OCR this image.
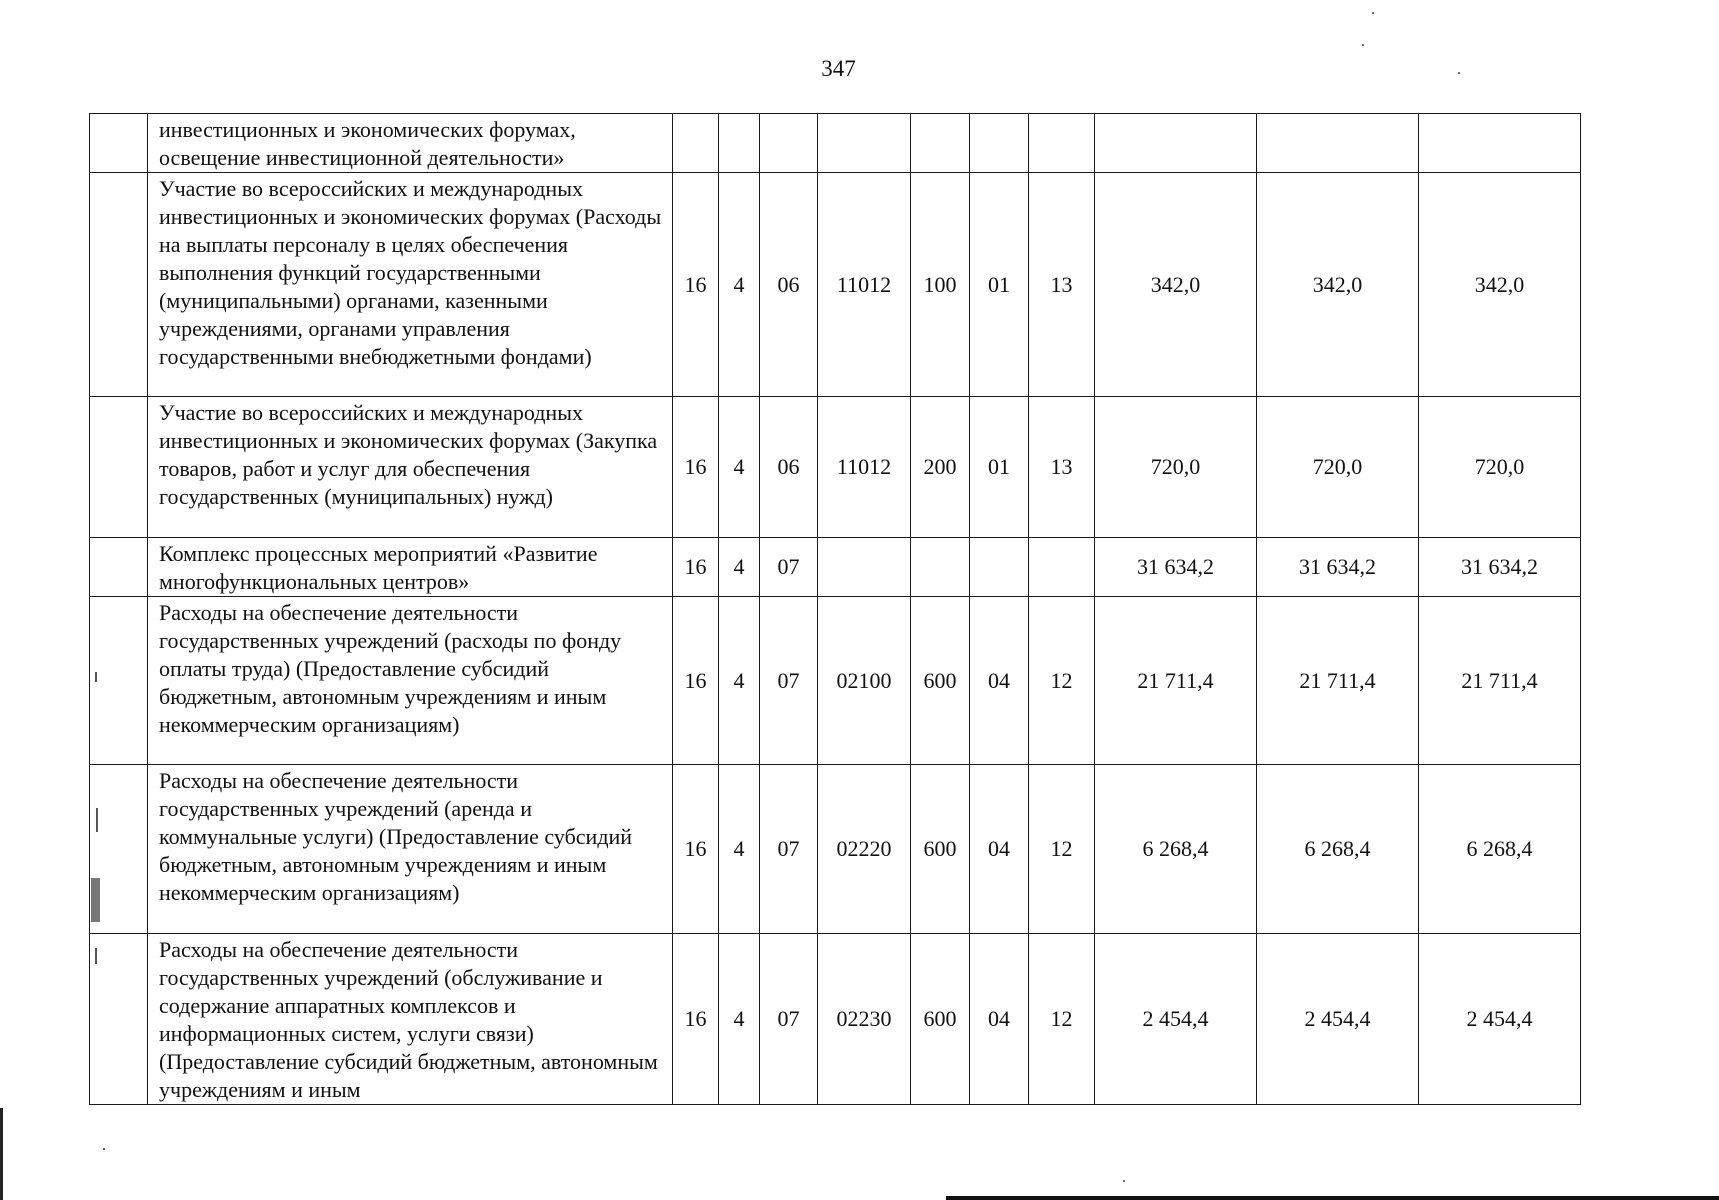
347
	инвестиционных и экономических форумах, освещение инвестиционной деятельности»										
	Участие во всероссийских и международных инвестиционных и экономических форумах (Расходы на выплаты персоналу в целях обеспечения выполнения функций государственными (муниципальными) органами, казенными учреждениями, органами управления государственными внебюджетными фондами)	16	4	06	11012	100	01	13	342,0	342,0	342,0
	Участие во всероссийских и международных инвестиционных и экономических форумах (Закупка товаров, работ и услуг для обеспечения государственных (муниципальных) нужд)	16	4	06	11012	200	01	13	720,0	720,0	720,0
	Комплекс процессных мероприятий «Развитие многофункциональных центров»	16	4	07					31 634,2	31 634,2	31 634,2
	Расходы на обеспечение деятельности государственных учреждений (расходы по фонду оплаты труда) (Предоставление субсидий бюджетным, автономным учреждениям и иным некоммерческим организациям)	16	4	07	02100	600	04	12	21 711,4	21 711,4	21 711,4
	Расходы на обеспечение деятельности государственных учреждений (аренда и коммунальные услуги) (Предоставление субсидий бюджетным, автономным учреждениям и иным некоммерческим организациям)	16	4	07	02220	600	04	12	6 268,4	6 268,4	6 268,4
	Расходы на обеспечение деятельности государственных учреждений (обслуживание и содержание аппаратных комплексов и информационных систем, услуги связи) (Предоставление субсидий бюджетным, автономным учреждениям и иным	16	4	07	02230	600	04	12	2 454,4	2 454,4	2 454,4
